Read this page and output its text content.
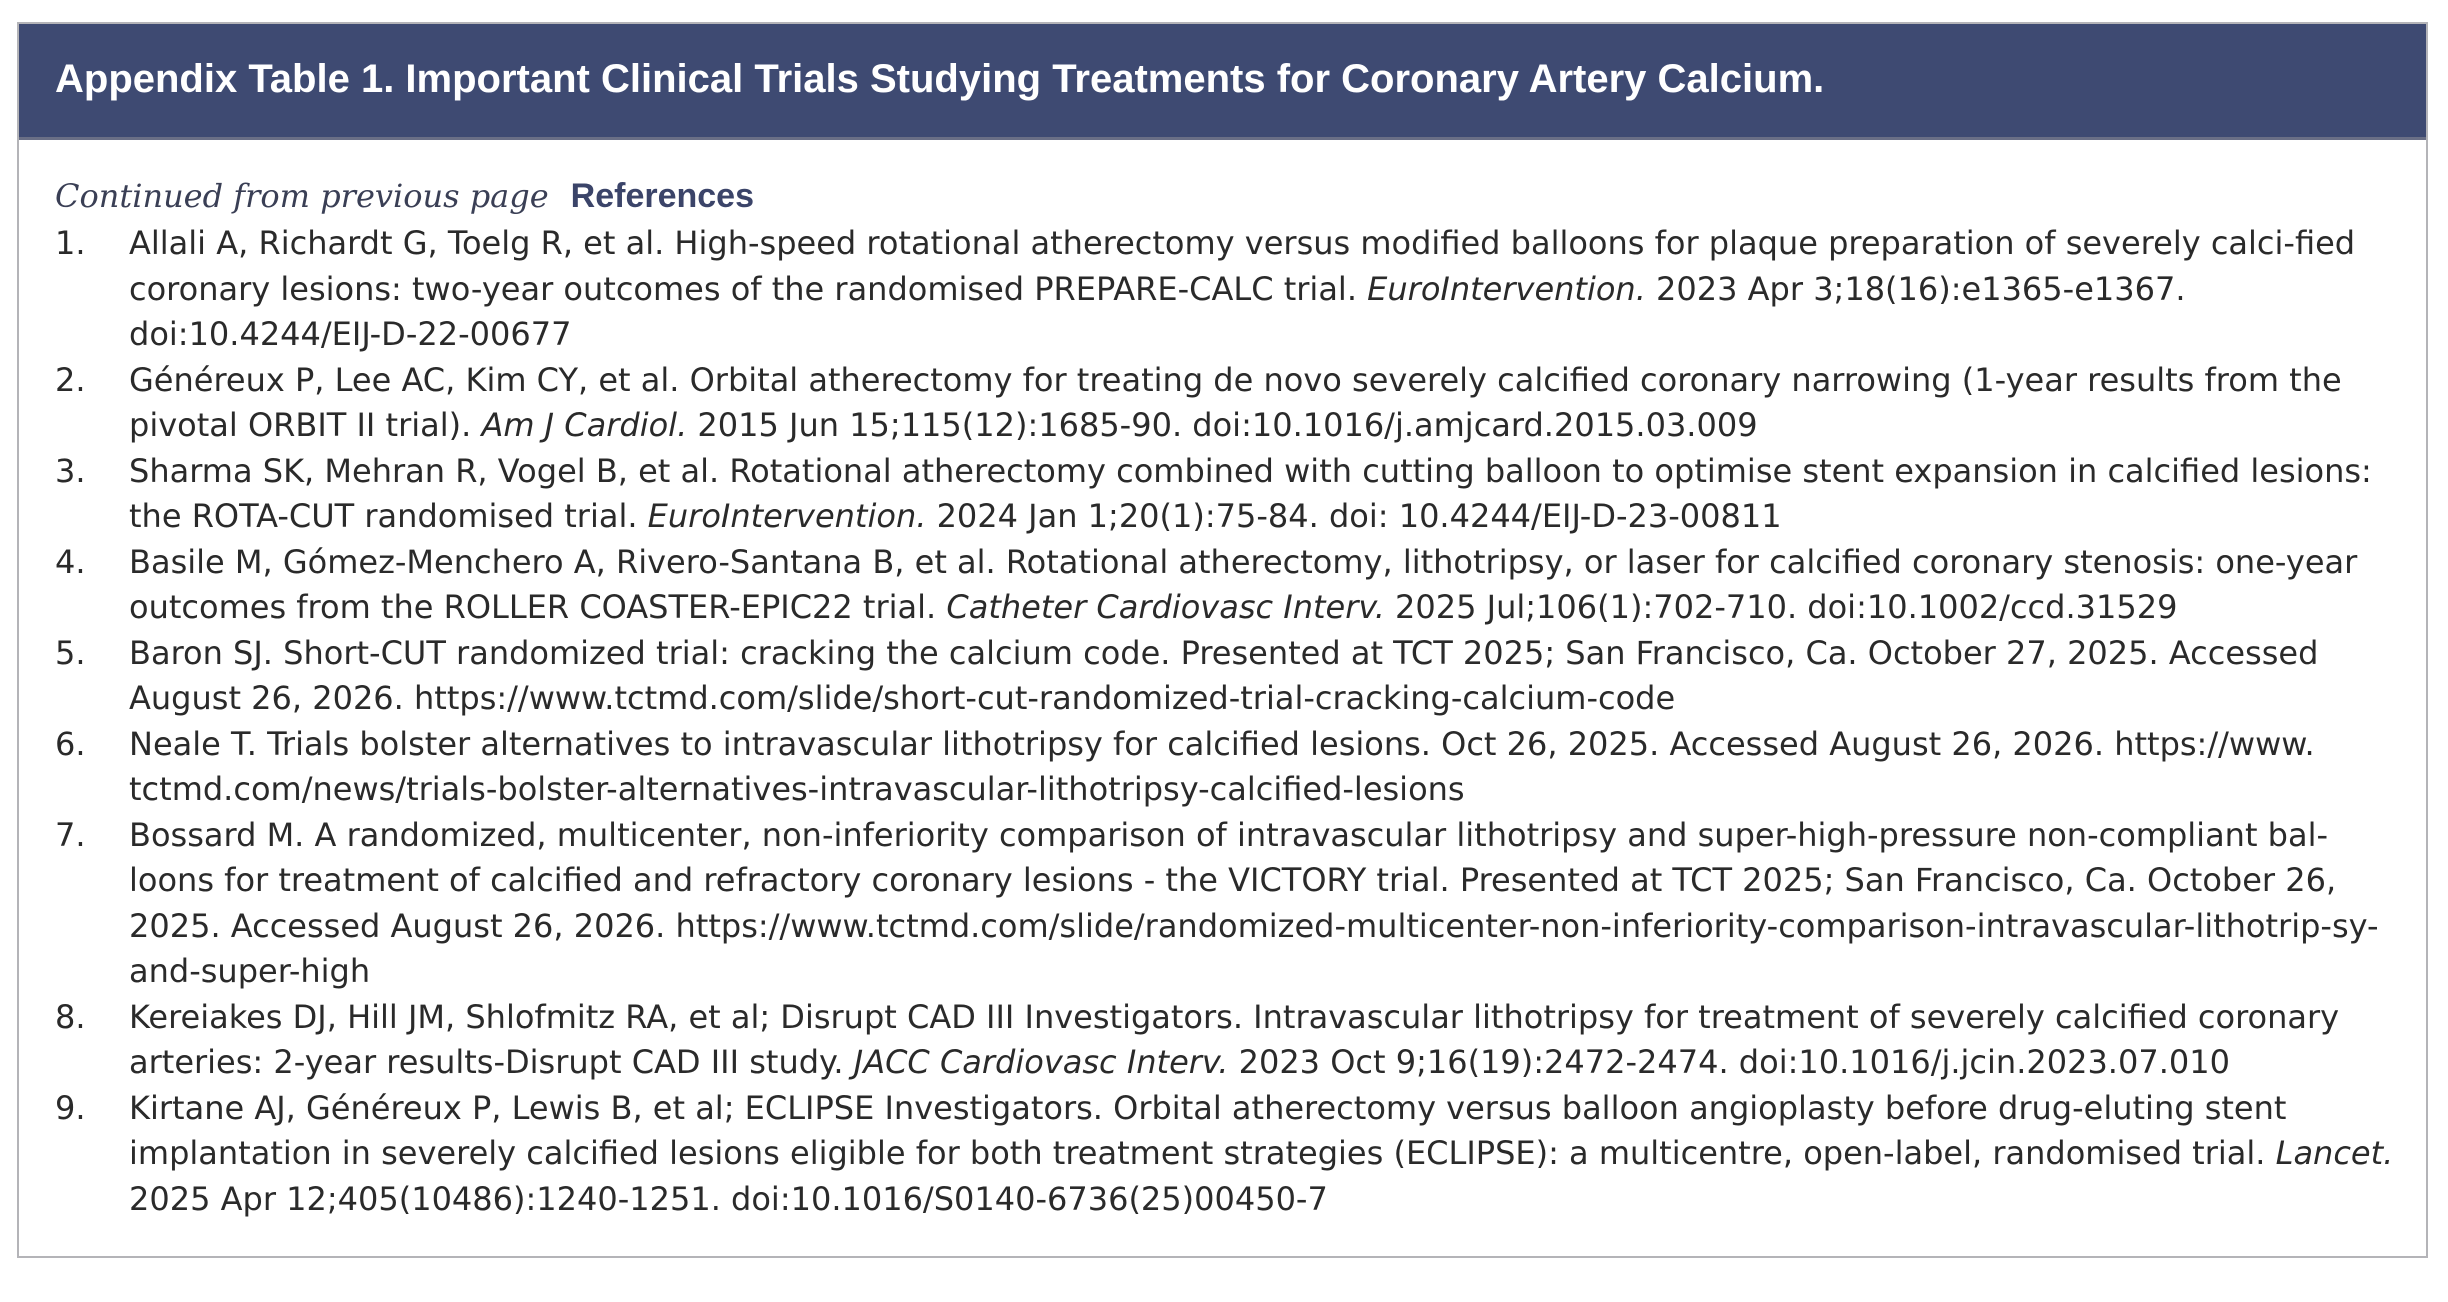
Appendix Table 1. Important Clinical Trials Studying Treatments for Coronary Artery Calcium.
Continued from previous page References
1. Allali A, Richardt G, Toelg R, et al. High-speed rotational atherectomy versus modified balloons for plaque preparation of severely calci-fied coronary lesions: two-year outcomes of the randomised PREPARE-CALC trial. EuroIntervention. 2023 Apr 3;18(16):e1365-e1367. doi:10.4244/EIJ-D-22-00677
2. Généreux P, Lee AC, Kim CY, et al. Orbital atherectomy for treating de novo severely calcified coronary narrowing (1-year results from the pivotal ORBIT II trial). Am J Cardiol. 2015 Jun 15;115(12):1685-90. doi:10.1016/j.amjcard.2015.03.009
3. Sharma SK, Mehran R, Vogel B, et al. Rotational atherectomy combined with cutting balloon to optimise stent expansion in calcified lesions: the ROTA-CUT randomised trial. EuroIntervention. 2024 Jan 1;20(1):75-84. doi: 10.4244/EIJ-D-23-00811
4. Basile M, Gómez-Menchero A, Rivero-Santana B, et al. Rotational atherectomy, lithotripsy, or laser for calcified coronary stenosis: one-year outcomes from the ROLLER COASTER-EPIC22 trial. Catheter Cardiovasc Interv. 2025 Jul;106(1):702-710. doi:10.1002/ccd.31529
5. Baron SJ. Short-CUT randomized trial: cracking the calcium code. Presented at TCT 2025; San Francisco, Ca. October 27, 2025. Accessed August 26, 2026. https://www.tctmd.com/slide/short-cut-randomized-trial-cracking-calcium-code
6. Neale T. Trials bolster alternatives to intravascular lithotripsy for calcified lesions. Oct 26, 2025. Accessed August 26, 2026. https://www. tctmd.com/news/trials-bolster-alternatives-intravascular-lithotripsy-calcified-lesions
7. Bossard M. A randomized, multicenter, non-inferiority comparison of intravascular lithotripsy and super-high-pressure non-compliant bal-loons for treatment of calcified and refractory coronary lesions - the VICTORY trial. Presented at TCT 2025; San Francisco, Ca. October 26, 2025. Accessed August 26, 2026. https://www.tctmd.com/slide/randomized-multicenter-non-inferiority-comparison-intravascular-lithotrip-sy-and-super-high
8. Kereiakes DJ, Hill JM, Shlofmitz RA, et al; Disrupt CAD III Investigators. Intravascular lithotripsy for treatment of severely calcified coronary arteries: 2-year results-Disrupt CAD III study. JACC Cardiovasc Interv. 2023 Oct 9;16(19):2472-2474. doi:10.1016/j.jcin.2023.07.010
9. Kirtane AJ, Généreux P, Lewis B, et al; ECLIPSE Investigators. Orbital atherectomy versus balloon angioplasty before drug-eluting stent implantation in severely calcified lesions eligible for both treatment strategies (ECLIPSE): a multicentre, open-label, randomised trial. Lancet. 2025 Apr 12;405(10486):1240-1251. doi:10.1016/S0140-6736(25)00450-7
